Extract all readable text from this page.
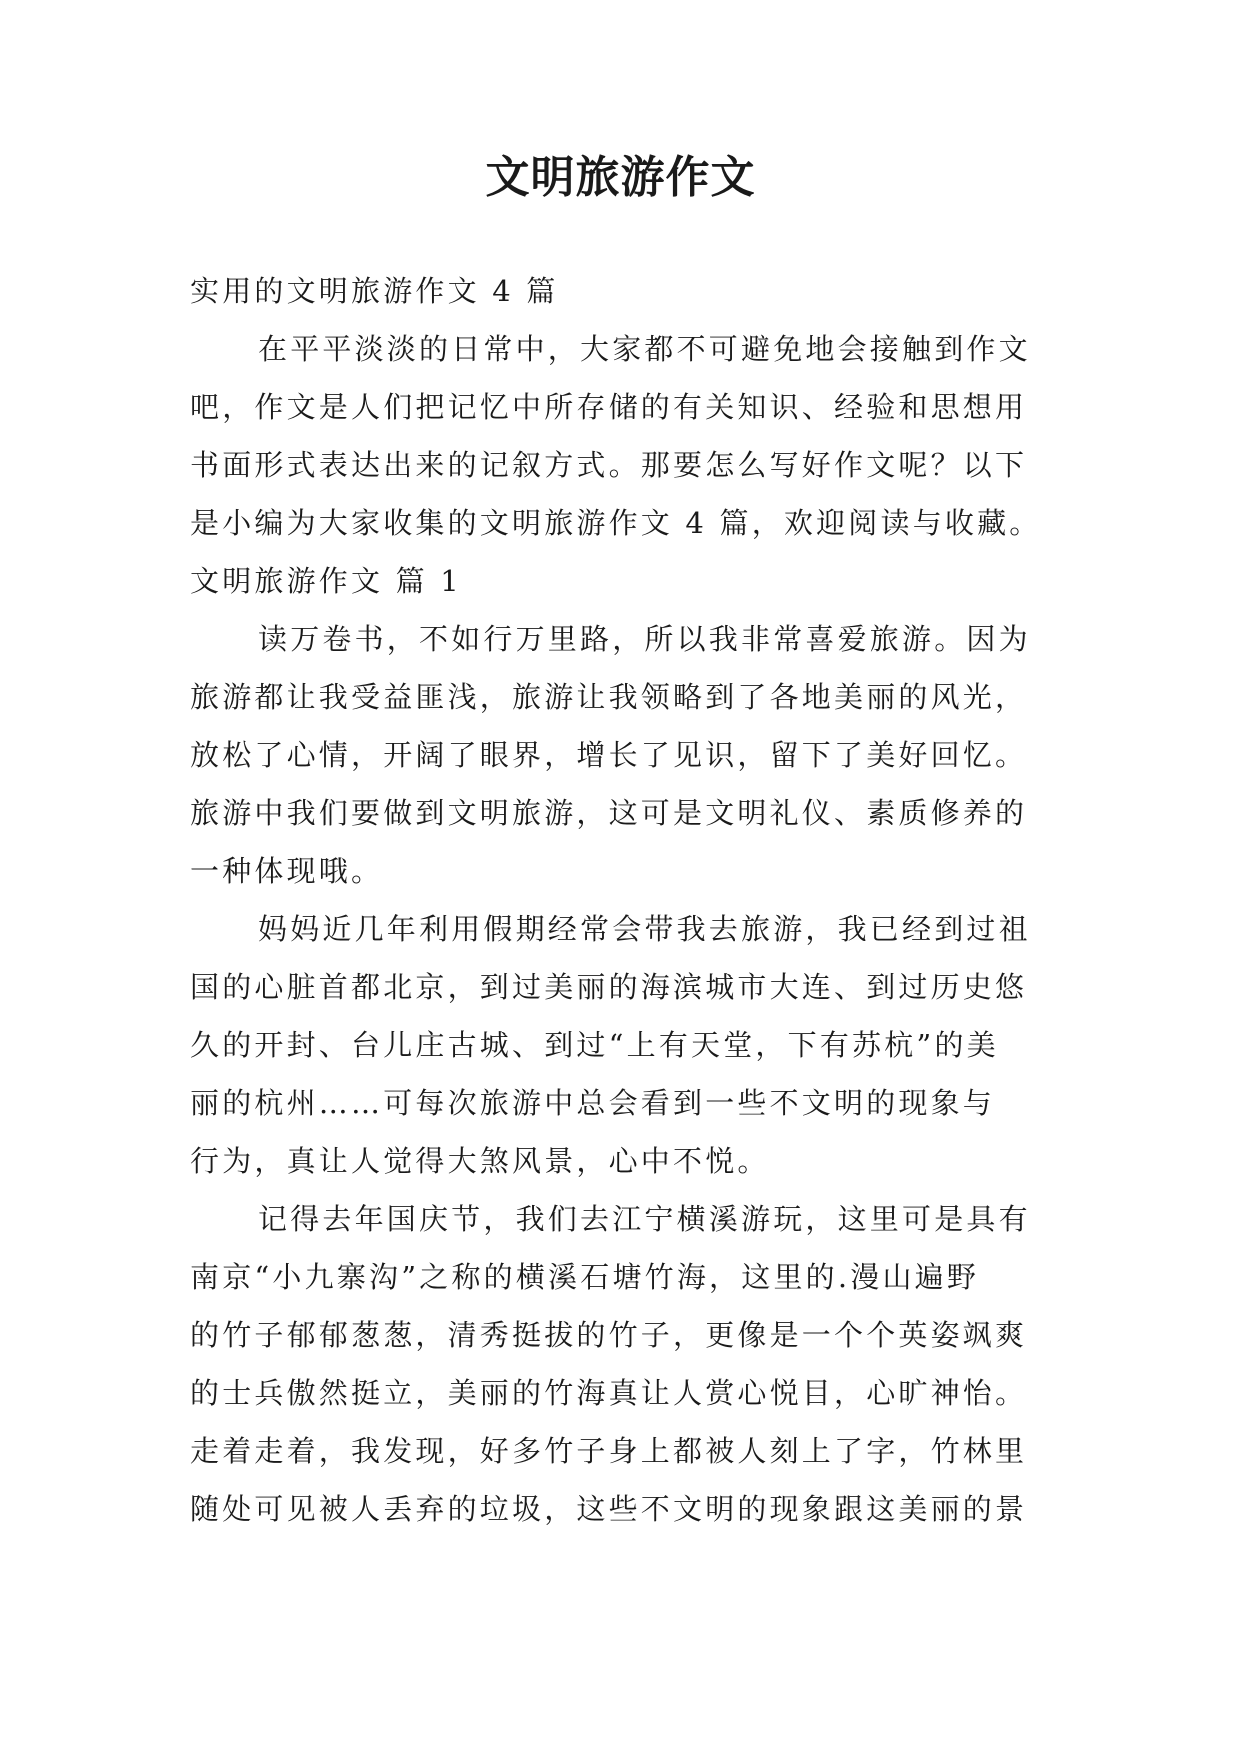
文明旅游作文
实用的文明旅游作文 4 篇
在平平淡淡的日常中，大家都不可避免地会接触到作文
吧，作文是人们把记忆中所存储的有关知识、经验和思想用
书面形式表达出来的记叙方式。那要怎么写好作文呢？以下
是小编为大家收集的文明旅游作文 4 篇，欢迎阅读与收藏。
文明旅游作文 篇 1
读万卷书，不如行万里路，所以我非常喜爱旅游。因为
旅游都让我受益匪浅，旅游让我领略到了各地美丽的风光，
放松了心情，开阔了眼界，增长了见识，留下了美好回忆。
旅游中我们要做到文明旅游，这可是文明礼仪、素质修养的
一种体现哦。
妈妈近几年利用假期经常会带我去旅游，我已经到过祖
国的心脏首都北京，到过美丽的海滨城市大连、到过历史悠
久的开封、台儿庄古城、到过“上有天堂，下有苏杭”的美
丽的杭州……可每次旅游中总会看到一些不文明的现象与
行为，真让人觉得大煞风景，心中不悦。
记得去年国庆节，我们去江宁横溪游玩，这里可是具有
南京“小九寨沟”之称的横溪石塘竹海，这里的.漫山遍野
的竹子郁郁葱葱，清秀挺拔的竹子，更像是一个个英姿飒爽
的士兵傲然挺立，美丽的竹海真让人赏心悦目，心旷神怡。
走着走着，我发现，好多竹子身上都被人刻上了字，竹林里
随处可见被人丢弃的垃圾，这些不文明的现象跟这美丽的景
